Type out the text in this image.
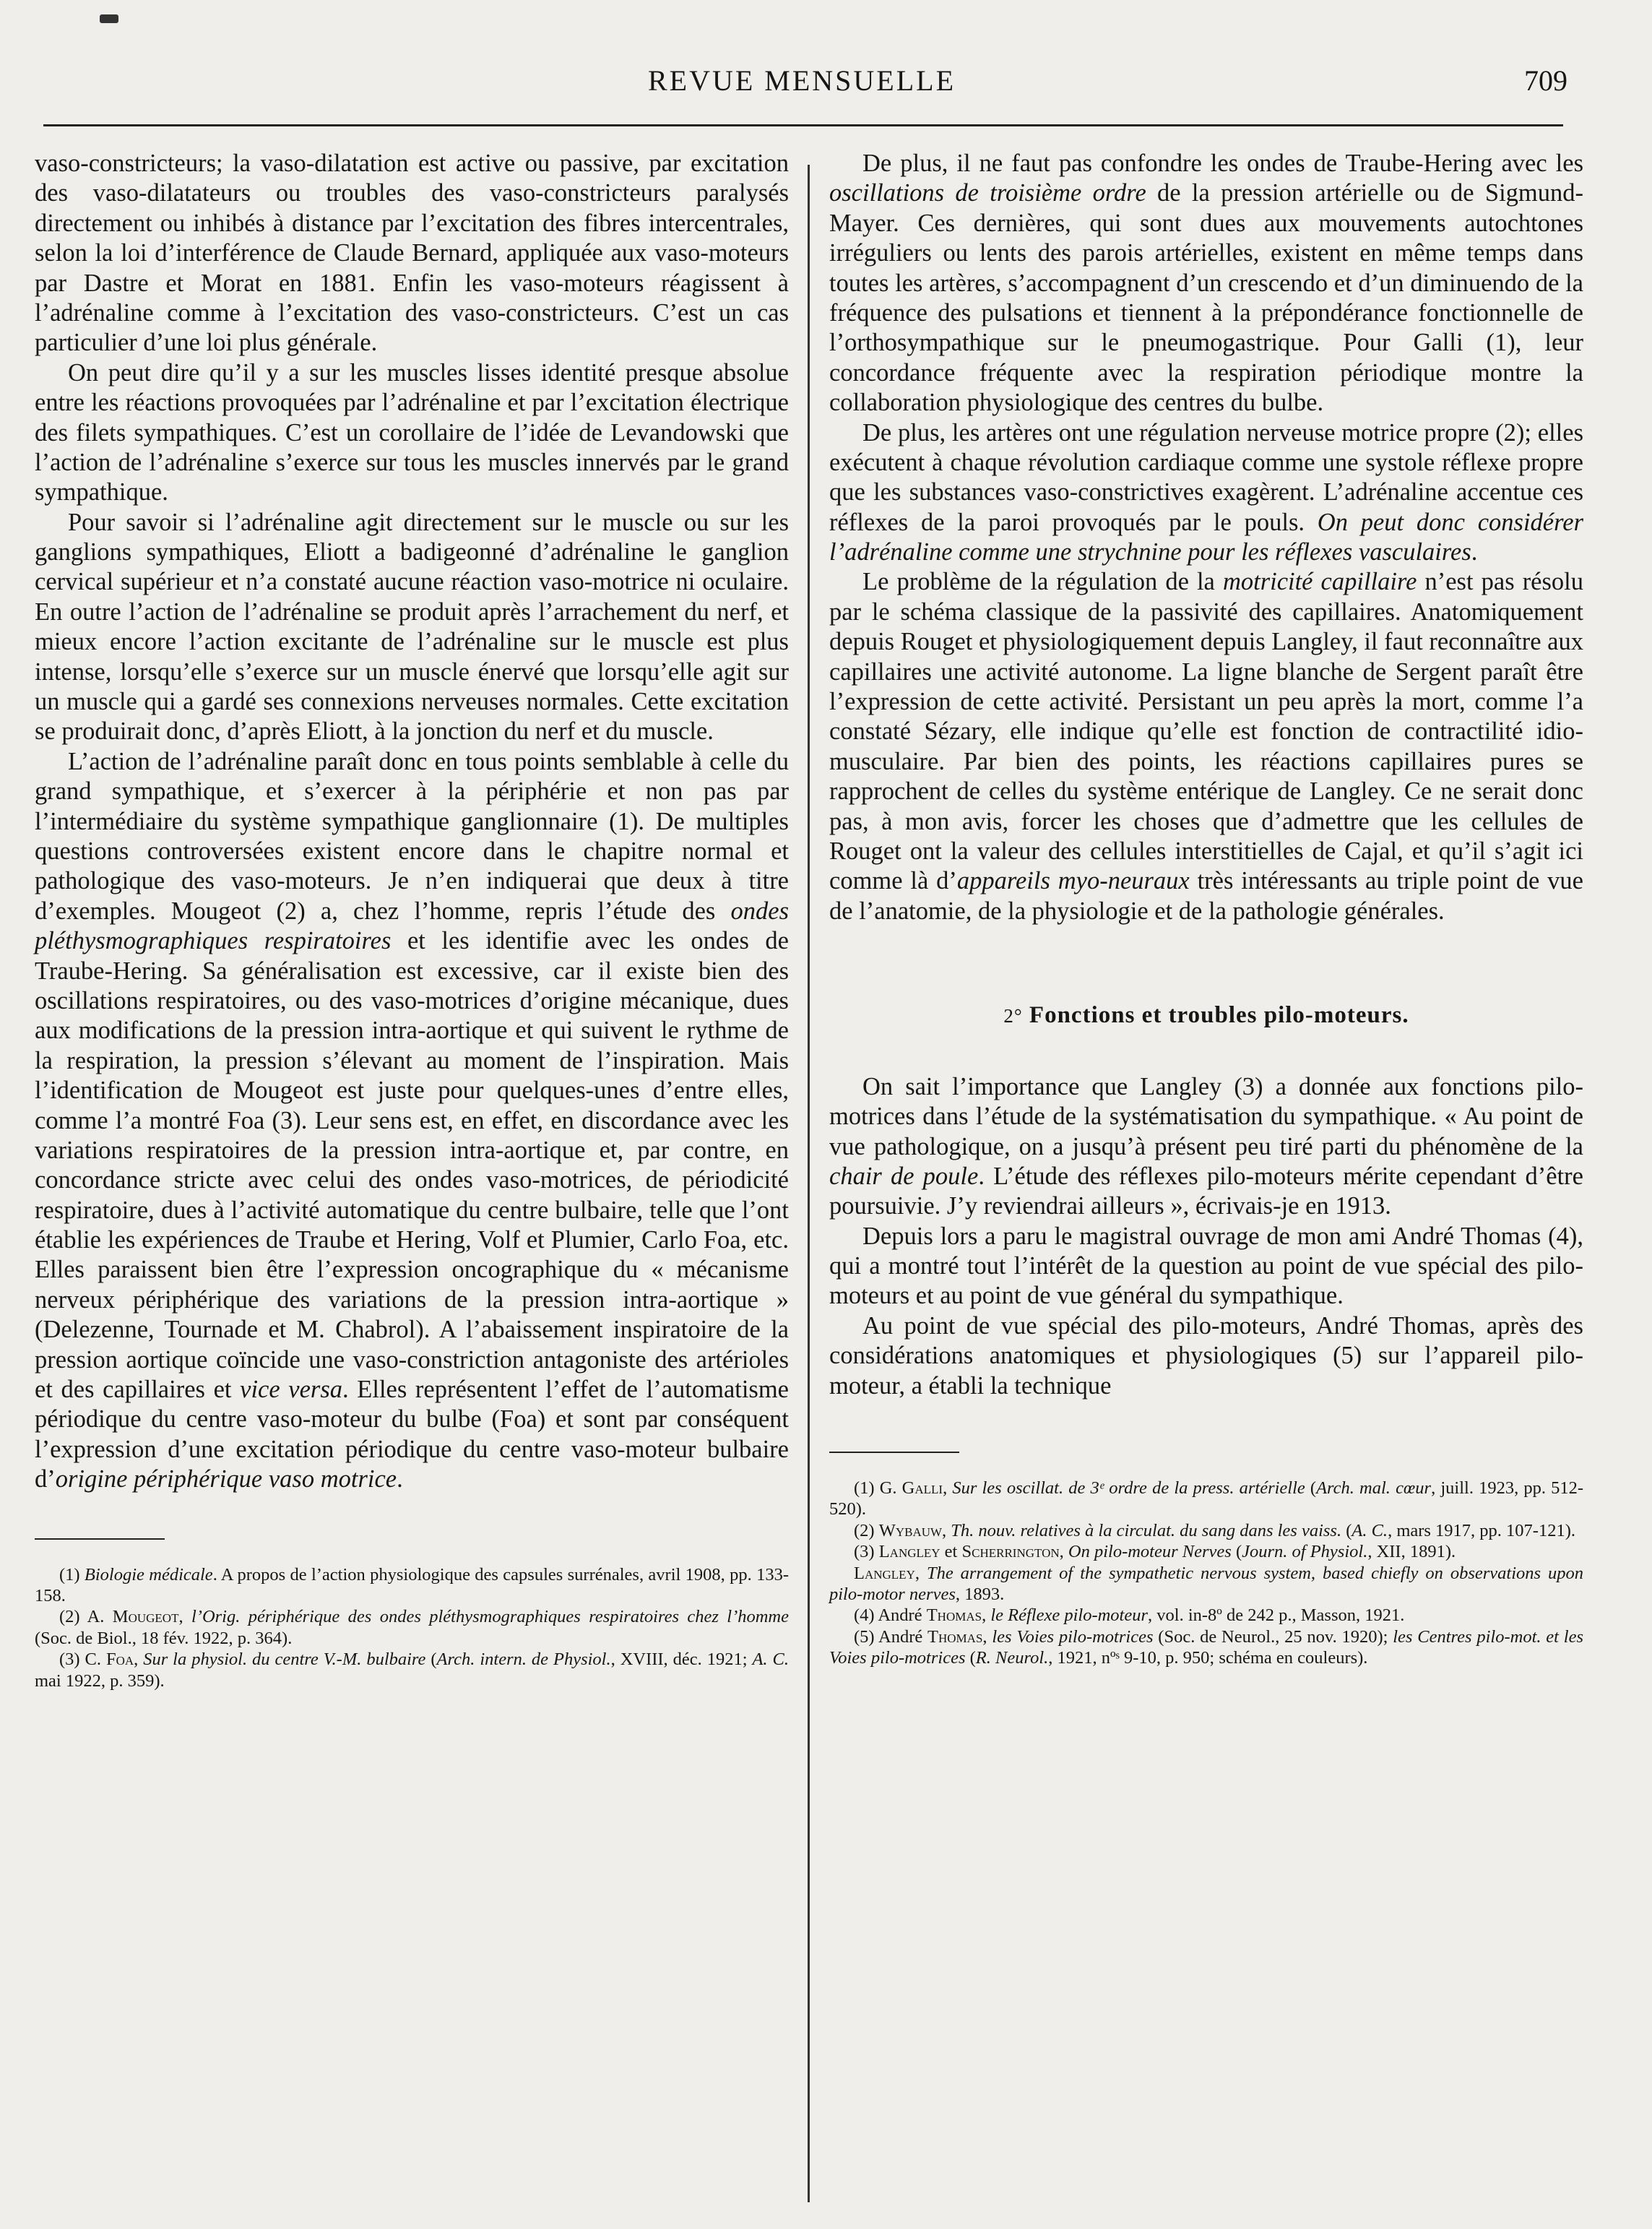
REVUE MENSUELLE	709

vaso-constricteurs; la vaso-dilatation est active ou passive, par excitation des vaso-dilatateurs ou troubles des vaso-constricteurs paralysés directement ou inhibés à distance par l’excitation des fibres intercentrales, selon la loi d’interférence de Claude Bernard, appliquée aux vaso-moteurs par Dastre et Morat en 1881. Enfin les vaso-moteurs réagissent à l’adrénaline comme à l’excitation des vaso-constricteurs. C’est un cas particulier d’une loi plus générale.

On peut dire qu’il y a sur les muscles lisses identité presque absolue entre les réactions provoquées par l’adrénaline et par l’excitation électrique des filets sympathiques. C’est un corollaire de l’idée de Levandowski que l’action de l’adrénaline s’exerce sur tous les muscles innervés par le grand sympathique.

Pour savoir si l’adrénaline agit directement sur le muscle ou sur les ganglions sympathiques, Eliott a badigeonné d’adrénaline le ganglion cervical supérieur et n’a constaté aucune réaction vaso-motrice ni oculaire. En outre l’action de l’adrénaline se produit après l’arrachement du nerf, et mieux encore l’action excitante de l’adrénaline sur le muscle est plus intense, lorsqu’elle s’exerce sur un muscle énervé que lorsqu’elle agit sur un muscle qui a gardé ses connexions nerveuses normales. Cette excitation se produirait donc, d’après Eliott, à la jonction du nerf et du muscle.

L’action de l’adrénaline paraît donc en tous points semblable à celle du grand sympathique, et s’exercer à la périphérie et non pas par l’intermédiaire du système sympathique ganglionnaire (1). De multiples questions controversées existent encore dans le chapitre normal et pathologique des vaso-moteurs. Je n’en indiquerai que deux à titre d’exemples. Mougeot (2) a, chez l’homme, repris l’étude des ondes pléthysmographiques respiratoires et les identifie avec les ondes de Traube-Hering. Sa généralisation est excessive, car il existe bien des oscillations respiratoires, ou des vaso-motrices d’origine mécanique, dues aux modifications de la pression intra-aortique et qui suivent le rythme de la respiration, la pression s’élevant au moment de l’inspiration. Mais l’identification de Mougeot est juste pour quelques-unes d’entre elles, comme l’a montré Foa (3). Leur sens est, en effet, en discordance avec les variations respiratoires de la pression intra-aortique et, par contre, en concordance stricte avec celui des ondes vaso-motrices, de périodicité respiratoire, dues à l’activité automatique du centre bulbaire, telle que l’ont établie les expériences de Traube et Hering, Volf et Plumier, Carlo Foa, etc. Elles paraissent bien être l’expression oncographique du « mécanisme nerveux périphérique des variations de la pression intra-aortique » (Delezenne, Tournade et M. Chabrol). A l’abaissement inspiratoire de la pression aortique coïncide une vaso-constriction antagoniste des artérioles et des capillaires et vice versa. Elles représentent l’effet de l’automatisme périodique du centre vaso-moteur du bulbe (Foa) et sont par conséquent l’expression d’une excitation périodique du centre vaso-moteur bulbaire d’origine périphérique vaso motrice.

(1) Biologie médicale. A propos de l’action physiologique des capsules surrénales, avril 1908, pp. 133-158.

(2) A. Mougeot, l’Orig. périphérique des ondes pléthysmographiques respiratoires chez l’homme (Soc. de Biol., 18 fév. 1922, p. 364).

(3) C. Foa, Sur la physiol. du centre V.-M. bulbaire (Arch. intern. de Physiol., XVIII, déc. 1921; A. C. mai 1922, p. 359).

De plus, il ne faut pas confondre les ondes de Traube-Hering avec les oscillations de troisième ordre de la pression artérielle ou de Sigmund-Mayer. Ces dernières, qui sont dues aux mouvements autochtones irréguliers ou lents des parois artérielles, existent en même temps dans toutes les artères, s’accompagnent d’un crescendo et d’un diminuendo de la fréquence des pulsations et tiennent à la prépondérance fonctionnelle de l’orthosympathique sur le pneumogastrique. Pour Galli (1), leur concordance fréquente avec la respiration périodique montre la collaboration physiologique des centres du bulbe.

De plus, les artères ont une régulation nerveuse motrice propre (2); elles exécutent à chaque révolution cardiaque comme une systole réflexe propre que les substances vaso-constrictives exagèrent. L’adrénaline accentue ces réflexes de la paroi provoqués par le pouls. On peut donc considérer l’adrénaline comme une strychnine pour les réflexes vasculaires.

Le problème de la régulation de la motricité capillaire n’est pas résolu par le schéma classique de la passivité des capillaires. Anatomiquement depuis Rouget et physiologiquement depuis Langley, il faut reconnaître aux capillaires une activité autonome. La ligne blanche de Sergent paraît être l’expression de cette activité. Persistant un peu après la mort, comme l’a constaté Sézary, elle indique qu’elle est fonction de contractilité idio-musculaire. Par bien des points, les réactions capillaires pures se rapprochent de celles du système entérique de Langley. Ce ne serait donc pas, à mon avis, forcer les choses que d’admettre que les cellules de Rouget ont la valeur des cellules interstitielles de Cajal, et qu’il s’agit ici comme là d’appareils myo-neuraux très intéressants au triple point de vue de l’anatomie, de la physiologie et de la pathologie générales.

2° Fonctions et troubles pilo-moteurs.

On sait l’importance que Langley (3) a donnée aux fonctions pilo-motrices dans l’étude de la systématisation du sympathique. « Au point de vue pathologique, on a jusqu’à présent peu tiré parti du phénomène de la chair de poule. L’étude des réflexes pilo-moteurs mérite cependant d’être poursuivie. J’y reviendrai ailleurs », écrivais-je en 1913.

Depuis lors a paru le magistral ouvrage de mon ami André Thomas (4), qui a montré tout l’intérêt de la question au point de vue spécial des pilo-moteurs et au point de vue général du sympathique.

Au point de vue spécial des pilo-moteurs, André Thomas, après des considérations anatomiques et physiologiques (5) sur l’appareil pilo-moteur, a établi la technique

(1) G. Galli, Sur les oscillat. de 3ᵉ ordre de la press. artérielle (Arch. mal. cœur, juill. 1923, pp. 512-520).

(2) Wybauw, Th. nouv. relatives à la circulat. du sang dans les vaiss. (A. C., mars 1917, pp. 107-121).

(3) Langley et Scherrington, On pilo-moteur Nerves (Journ. of Physiol., XII, 1891).

Langley, The arrangement of the sympathetic nervous system, based chiefly on observations upon pilo-motor nerves, 1893.

(4) André Thomas, le Réflexe pilo-moteur, vol. in-8º de 242 p., Masson, 1921.

(5) André Thomas, les Voies pilo-motrices (Soc. de Neurol., 25 nov. 1920); les Centres pilo-mot. et les Voies pilo-motrices (R. Neurol., 1921, nºˢ 9-10, p. 950; schéma en couleurs).
